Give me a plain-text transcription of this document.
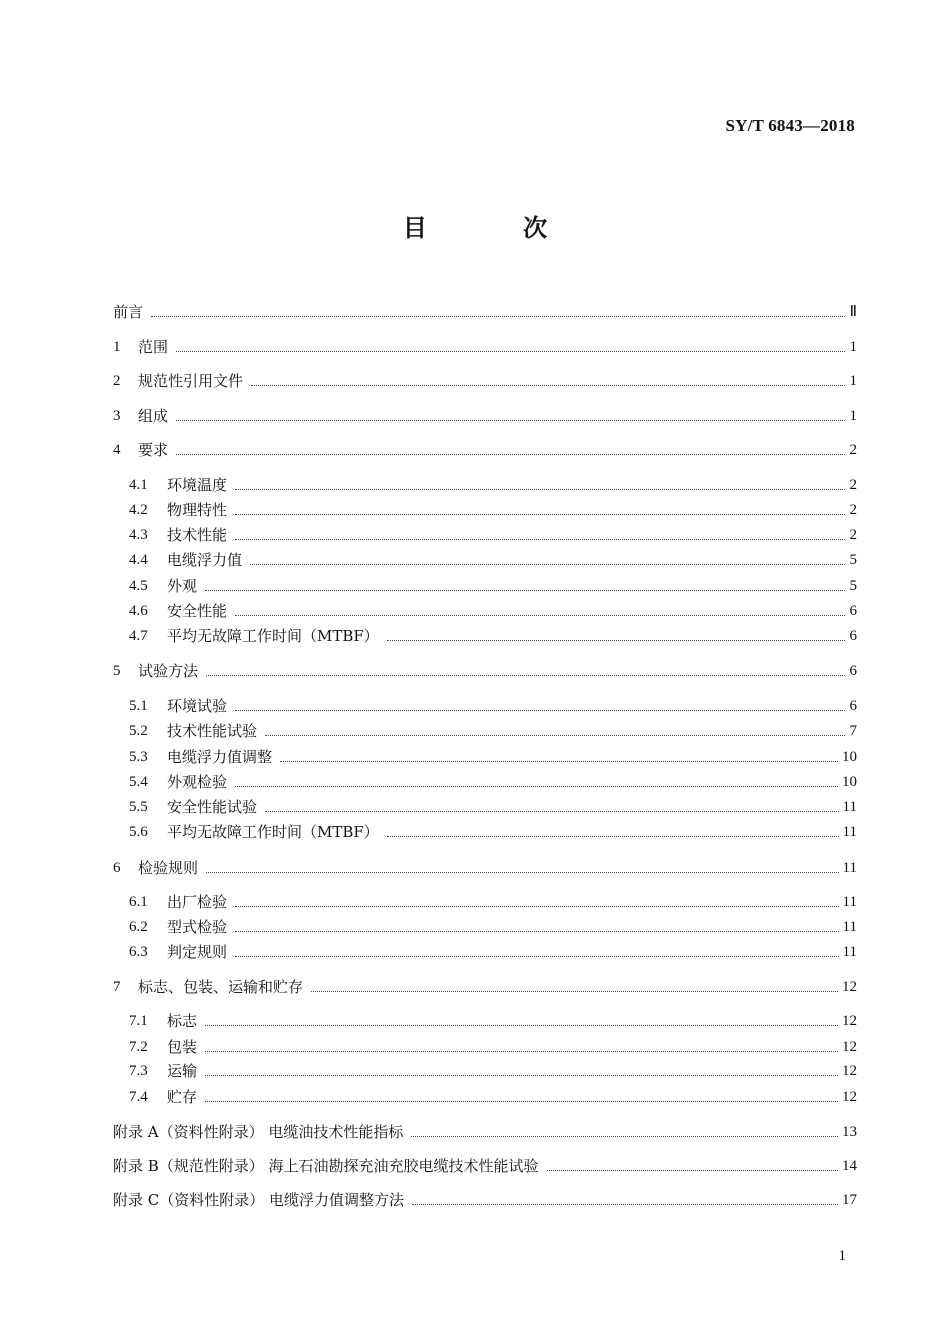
SY/T 6843—2018
目 次
前言	Ⅱ
1	范围	1
2	规范性引用文件	1
3	组成	1
4	要求	2
4.1	环境温度	2
4.2	物理特性	2
4.3	技术性能	2
4.4	电缆浮力值	5
4.5	外观	5
4.6	安全性能	6
4.7	平均无故障工作时间（MTBF）	6
5	试验方法	6
5.1	环境试验	6
5.2	技术性能试验	7
5.3	电缆浮力值调整	10
5.4	外观检验	10
5.5	安全性能试验	11
5.6	平均无故障工作时间（MTBF）	11
6	检验规则	11
6.1	出厂检验	11
6.2	型式检验	11
6.3	判定规则	11
7	标志、包装、运输和贮存	12
7.1	标志	12
7.2	包装	12
7.3	运输	12
7.4	贮存	12
附录 A（资料性附录） 电缆油技术性能指标	13
附录 B（规范性附录） 海上石油勘探充油充胶电缆技术性能试验	14
附录 C（资料性附录） 电缆浮力值调整方法	17
1
